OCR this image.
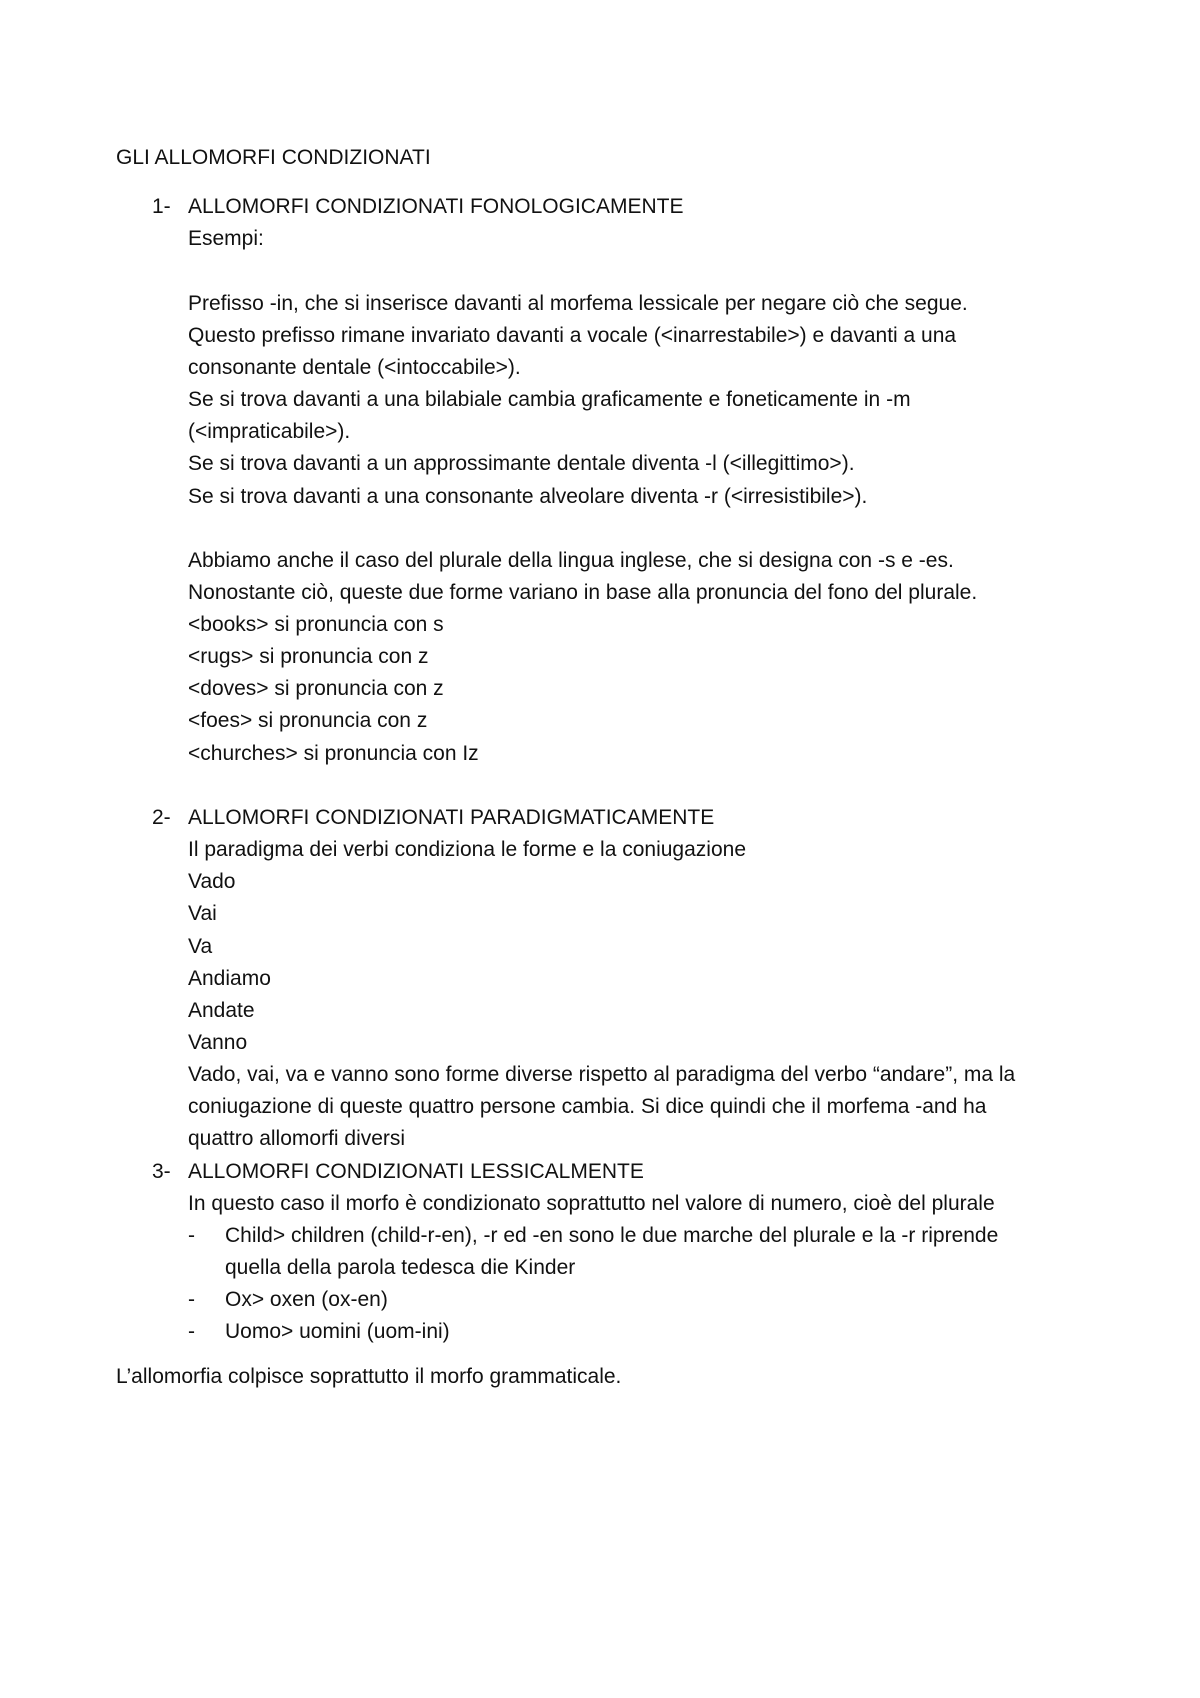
GLI ALLOMORFI CONDIZIONATI
1- ALLOMORFI CONDIZIONATI FONOLOGICAMENTE
Esempi:
Prefisso -in, che si inserisce davanti al morfema lessicale per negare ciò che segue.
Questo prefisso rimane invariato davanti a vocale (<inarrestabile>) e davanti a una
consonante dentale (<intoccabile>).
Se si trova davanti a una bilabiale cambia graficamente e foneticamente in -m
(<impraticabile>).
Se si trova davanti a un approssimante dentale diventa -l (<illegittimo>).
Se si trova davanti a una consonante alveolare diventa -r (<irresistibile>).
Abbiamo anche il caso del plurale della lingua inglese, che si designa con -s e -es.
Nonostante ciò, queste due forme variano in base alla pronuncia del fono del plurale.
<books> si pronuncia con s
<rugs> si pronuncia con z
<doves> si pronuncia con z
<foes> si pronuncia con z
<churches> si pronuncia con Iz
2- ALLOMORFI CONDIZIONATI PARADIGMATICAMENTE
Il paradigma dei verbi condiziona le forme e la coniugazione
Vado
Vai
Va
Andiamo
Andate
Vanno
Vado, vai, va e vanno sono forme diverse rispetto al paradigma del verbo “andare”, ma la
coniugazione di queste quattro persone cambia. Si dice quindi che il morfema -and ha
quattro allomorfi diversi
3- ALLOMORFI CONDIZIONATI LESSICALMENTE
In questo caso il morfo è condizionato soprattutto nel valore di numero, cioè del plurale
- Child> children (child-r-en), -r ed -en sono le due marche del plurale e la -r riprende
quella della parola tedesca die Kinder
- Ox> oxen (ox-en)
- Uomo> uomini (uom-ini)
L’allomorfia colpisce soprattutto il morfo grammaticale.
